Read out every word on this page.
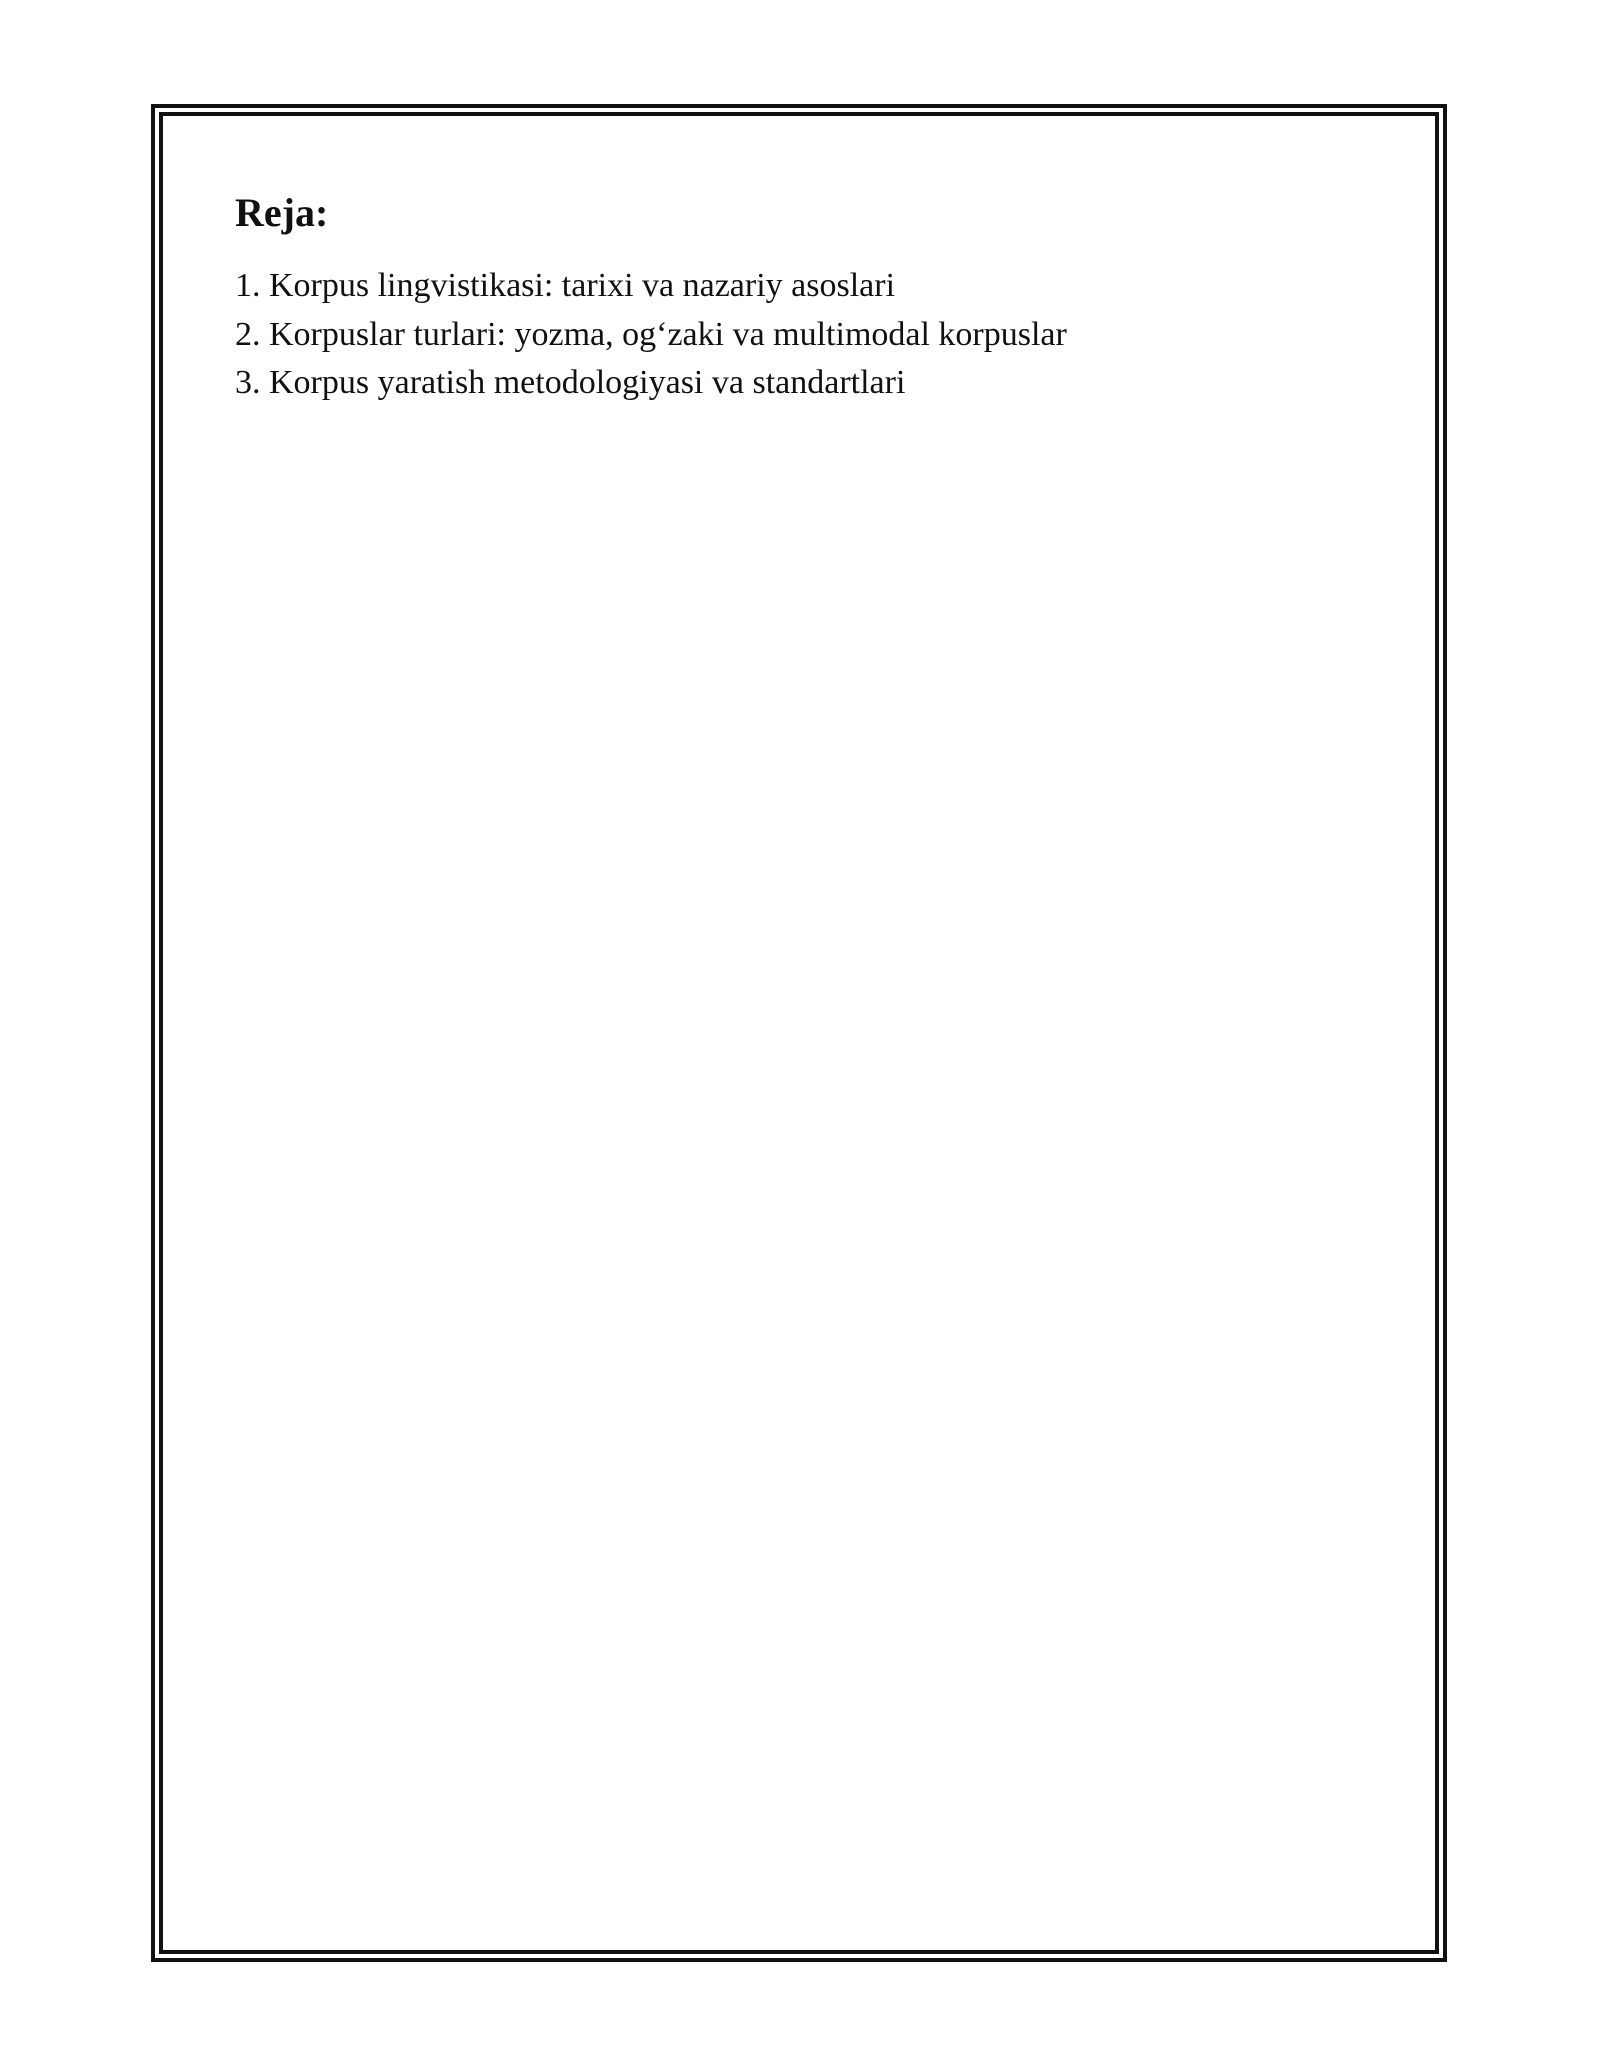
Reja:
1. Korpus lingvistikasi: tarixi va nazariy asoslari
2. Korpuslar turlari: yozma, og‘zaki va multimodal korpuslar
3. Korpus yaratish metodologiyasi va standartlari
